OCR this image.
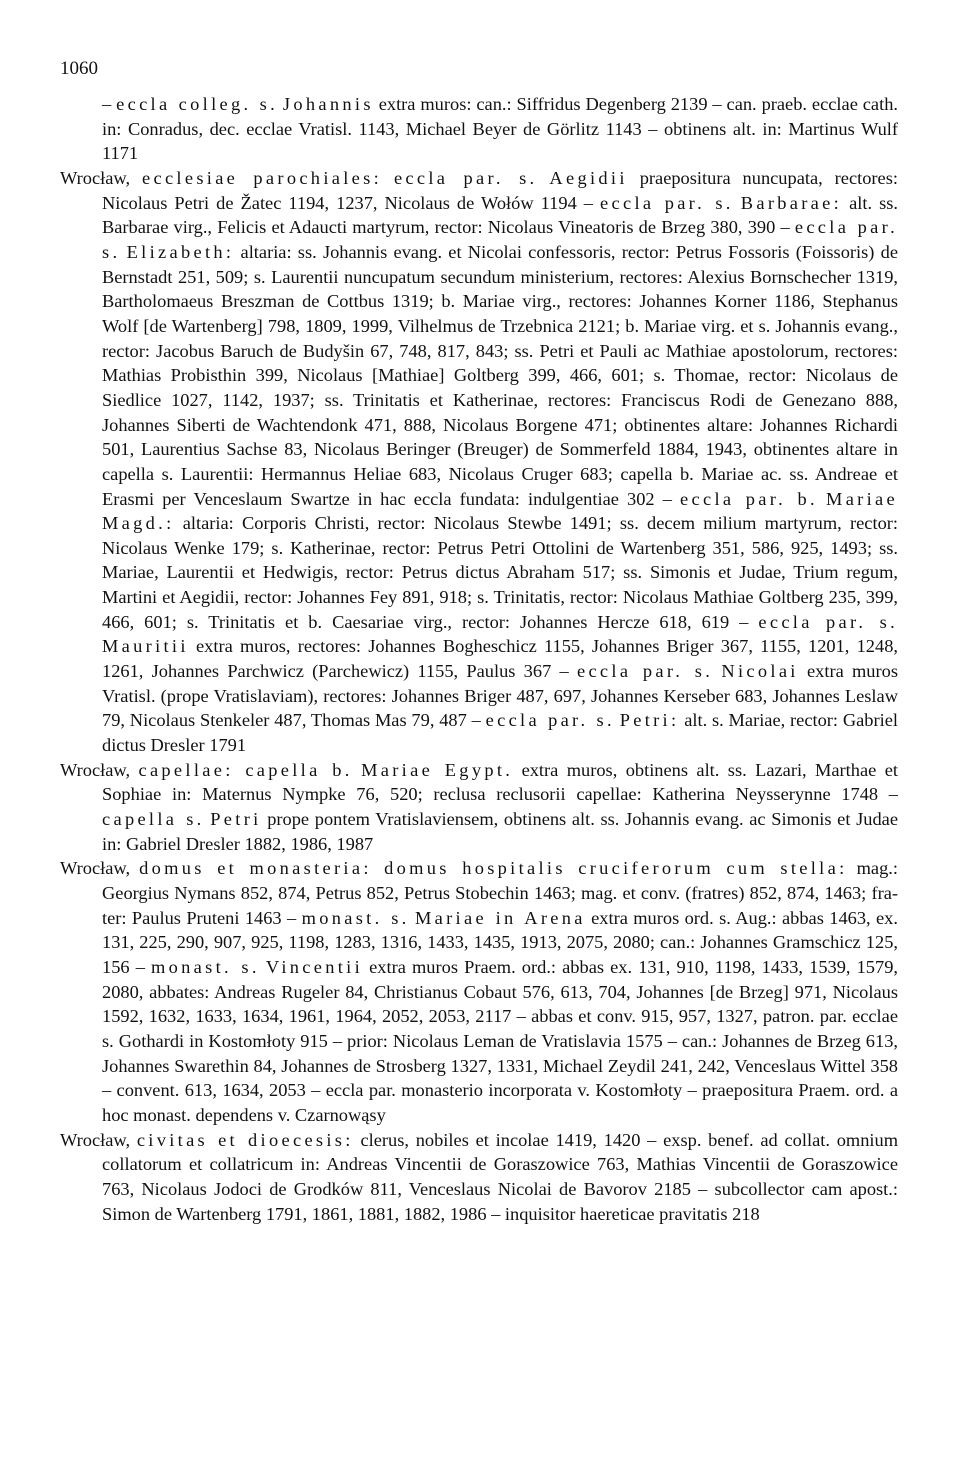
1060

– eccla colleg. s. Johannis extra muros: can.: Siffridus Degenberg 2139 – can. praeb. ecclae cath. in: Conradus, dec. ecclae Vratisl. 1143, Michael Beyer de Görlitz 1143 – obtinens alt. in: Martinus Wulf 1171

Wrocław, ecclesiae parochiales: eccla par. s. Aegidii praepositura nuncupata, rectores: Nicolaus Petri de Žatec 1194, 1237, Nicolaus de Wołów 1194 – eccla par. s. Barbarae: alt. ss. Barbarae virg., Felicis et Adaucti martyrum, rector: Nicolaus Vineatoris de Brzeg 380, 390 – eccla par. s. Elizabeth: altaria: ss. Johannis evang. et Nicolai confessoris, rector: Petrus Fossoris (Foissoris) de Bernstadt 251, 509; s. Laurentii nuncupatum secundum ministerium, rectores: Alexius Bornschecher 1319, Bartholomaeus Breszman de Cottbus 1319; b. Mariae virg., rectores: Johannes Korner 1186, Stephanus Wolf [de Wartenberg] 798, 1809, 1999, Vilhelmus de Trzebnica 2121; b. Mariae virg. et s. Johannis evang., rector: Jacobus Baruch de Budyšin 67, 748, 817, 843; ss. Petri et Pauli ac Mathiae apostolorum, rectores: Mathias Probisthin 399, Nicolaus [Mathiae] Goltberg 399, 466, 601; s. Thomae, rector: Nicolaus de Siedlice 1027, 1142, 1937; ss. Trinitatis et Katherinae, rectores: Franciscus Rodi de Genezano 888, Johannes Siberti de Wachtendonk 471, 888, Nicolaus Borgene 471; obtinentes altare: Johannes Richardi 501, Laurentius Sachse 83, Nicolaus Beringer (Breuger) de Sommerfeld 1884, 1943, obtinentes altare in capella s. Laurentii: Hermannus Heliae 683, Nicolaus Cruger 683; capella b. Mariae ac. ss. Andreae et Erasmi per Venceslaum Swartze in hac eccla fundata: indulgentiae 302 – eccla par. b. Mariae Magd.: altaria: Corporis Christi, rector: Nicolaus Stewbe 1491; ss. decem milium martyrum, rector: Nicolaus Wenke 179; s. Katherinae, rector: Petrus Petri Ottolini de Wartenberg 351, 586, 925, 1493; ss. Mariae, Laurentii et Hedwigis, rector: Petrus dictus Abraham 517; ss. Simonis et Judae, Trium regum, Martini et Aegidii, rector: Johannes Fey 891, 918; s. Trinitatis, rector: Nicolaus Mathiae Goltberg 235, 399, 466, 601; s. Trinitatis et b. Caesariae virg., rector: Johannes Hercze 618, 619 – eccla par. s. Mauritii extra muros, rectores: Johannes Bogheschicz 1155, Johannes Briger 367, 1155, 1201, 1248, 1261, Johannes Parchwicz (Parchewicz) 1155, Paulus 367 – eccla par. s. Nicolai extra muros Vratisl. (prope Vratislaviam), rectores: Johannes Briger 487, 697, Johannes Kerseber 683, Johannes Leslaw 79, Nicolaus Stenkeler 487, Thomas Mas 79, 487 – eccla par. s. Petri: alt. s. Mariae, rector: Gabriel dictus Dresler 1791

Wrocław, capellae: capella b. Mariae Egypt. extra muros, obtinens alt. ss. Lazari, Marthae et Sophiae in: Maternus Nympke 76, 520; reclusa reclusorii capellae: Katherina Neysserynne 1748 – capella s. Petri prope pontem Vratislaviensem, obtinens alt. ss. Johannis evang. ac Simonis et Judae in: Gabriel Dresler 1882, 1986, 1987

Wrocław, domus et monasteria: domus hospitalis cruciferorum cum stella: mag.: Georgius Nymans 852, 874, Petrus 852, Petrus Stobechin 1463; mag. et conv. (fratres) 852, 874, 1463; frater: Paulus Pruteni 1463 – monast. s. Mariae in Arena extra muros ord. s. Aug.: abbas 1463, ex. 131, 225, 290, 907, 925, 1198, 1283, 1316, 1433, 1435, 1913, 2075, 2080; can.: Johannes Gramschicz 125, 156 – monast. s. Vincentii extra muros Praem. ord.: abbas ex. 131, 910, 1198, 1433, 1539, 1579, 2080, abbates: Andreas Rugeler 84, Christianus Cobaut 576, 613, 704, Johannes [de Brzeg] 971, Nicolaus 1592, 1632, 1633, 1634, 1961, 1964, 2052, 2053, 2117 – abbas et conv. 915, 957, 1327, patron. par. ecclae s. Gothardi in Kostomłoty 915 – prior: Nicolaus Leman de Vratislavia 1575 – can.: Johannes de Brzeg 613, Johannes Swarethin 84, Johannes de Strosberg 1327, 1331, Michael Zeydil 241, 242, Venceslaus Wittel 358 – convent. 613, 1634, 2053 – eccla par. monasterio incorporata v. Kostomłoty – praepositura Praem. ord. a hoc monast. dependens v. Czarnowąsy

Wrocław, civitas et dioecesis: clerus, nobiles et incolae 1419, 1420 – exsp. benef. ad collat. omnium collatorum et collatricum in: Andreas Vincentii de Goraszowice 763, Mathias Vincentii de Goraszowice 763, Nicolaus Jodoci de Grodków 811, Venceslaus Nicolai de Bavorov 2185 – subcollector cam apost.: Simon de Wartenberg 1791, 1861, 1881, 1882, 1986 – inquisitor haereticae pravitatis 218
